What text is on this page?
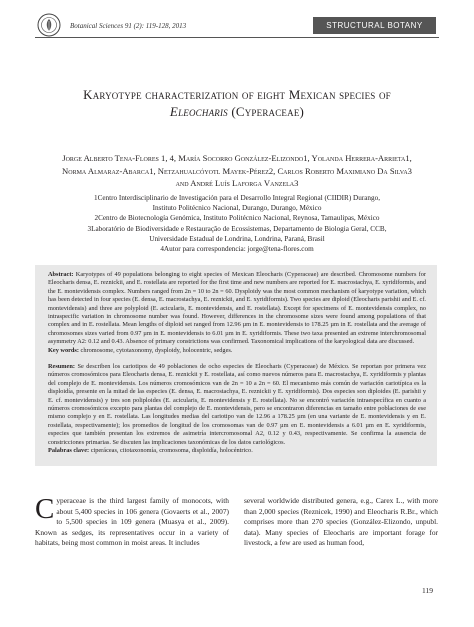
Botanical Sciences 91 (2): 119-128, 2013	STRUCTURAL BOTANY
Karyotype characterization of eight Mexican species of
Eleocharis (Cyperaceae)
Jorge Alberto Tena-Flores 1, 4, María Socorro González-Elizondo1, Yolanda Herrera-Arrieta1,
Norma Almaraz-Abarca1, Netzahualcóyotl Mayek-Pérez2, Carlos Roberto Maximiano Da Silva3
and André Luís Laforga Vanzela3
1Centro Interdisciplinario de Investigación para el Desarrollo Integral Regional (CIIDIR) Durango,
Instituto Politécnico Nacional, Durango, Durango, México
2Centro de Biotecnología Genómica, Instituto Politécnico Nacional, Reynosa, Tamaulipas, México
3Laboratório de Biodiversidade e Restauração de Ecossistemas, Departamento de Biologia Geral, CCB,
Universidade Estadual de Londrina, Londrina, Paraná, Brasil
4Autor para correspondencia: jorge@tena-flores.com
Abstract: Karyotypes of 49 populations belonging to eight species of Mexican Eleocharis (Cyperaceae) are described. Chromosome numbers for Eleocharis densa, E. reznickii, and E. rostellata are reported for the first time and new numbers are reported for E. macrostachya, E. xyridiformis, and the E. montevidensis complex. Numbers ranged from 2n = 10 to 2n = 60. Dysploidy was the most common mechanism of karyotype variation, which has been detected in four species (E. densa, E. macrostachya, E. reznickii, and E. xyridiformis). Two species are diploid (Eleocharis parishii and E. cf. montevidensis) and three are polyploid (E. acicularis, E. montevidensis, and E. rostellata). Except for specimens of E. montevidensis complex, no intraspecific variation in chromosome number was found. However, differences in the chromosome sizes were found among populations of that complex and in E. rostellata. Mean lengths of diploid set ranged from 12.96 µm in E. montevidensis to 178.25 µm in E. rostellata and the average of chromosomes sizes varied from 0.97 µm in E. montevidensis to 6.01 µm in E. xyridiformis. These two taxa presented an extreme interchromosomal asymmetry A2: 0.12 and 0.43. Absence of primary constrictions was confirmed. Taxonomical implications of the karyological data are discussed.
Key words: chromosome, cytotaxonomy, dysploidy, holocentric, sedges.
Resumen: Se describen los cariotipos de 49 poblaciones de ocho especies de Eleocharis (Cyperaceae) de México. Se reportan por primera vez números cromosómicos para Eleocharis densa, E. reznickii y E. rostellata, así como nuevos números para E. macrostachya, E. xyridiformis y plantas del complejo de E. montevidensis. Los números cromosómicos van de 2n = 10 a 2n = 60. El mecanismo más común de variación cariotípica es la disploidía, presente en la mitad de las especies (E. densa, E. macrostachya, E. reznickii y E. xyridiformis). Dos especies son diploides (E. parishii y E. cf. montevidensis) y tres son poliploides (E. acicularis, E. montevidensis y E. rostellata). No se encontró variación intraespecífica en cuanto a números cromosómicos excepto para plantas del complejo de E. montevidensis, pero se encontraron diferencias en tamaño entre poblaciones de ese mismo complejo y en E. rostellata. Las longitudes medias del cariotipo van de 12.96 a 178.25 µm (en una variante de E. montevidensis y en E. rostellata, respectivamente); los promedios de longitud de los cromosomas van de 0.97 µm en E. montevidensis a 6.01 µm en E. xyridiformis, especies que también presentan los extremos de asimetría intercromosomal A2, 0.12 y 0.43, respectivamente. Se confirma la ausencia de constricciones primarias. Se discuten las implicaciones taxonómicas de los datos cariológicos.
Palabras clave: ciperáceas, citotaxonomía, cromosoma, disploidía, holocéntrico.
Cyperaceae is the third largest family of monocots, with about 5,400 species in 106 genera (Govaerts et al., 2007) to 5,500 species in 109 genera (Muasya et al., 2009). Known as sedges, its representatives occur in a variety of habitats, being most common in moist areas. It includes
several worldwide distributed genera, e.g., Carex L., with more than 2,000 species (Reznicek, 1990) and Eleocharis R.Br., which comprises more than 270 species (González-Elizondo, unpubl. data). Many species of Eleocharis are important forage for livestock, a few are used as human food,
119
